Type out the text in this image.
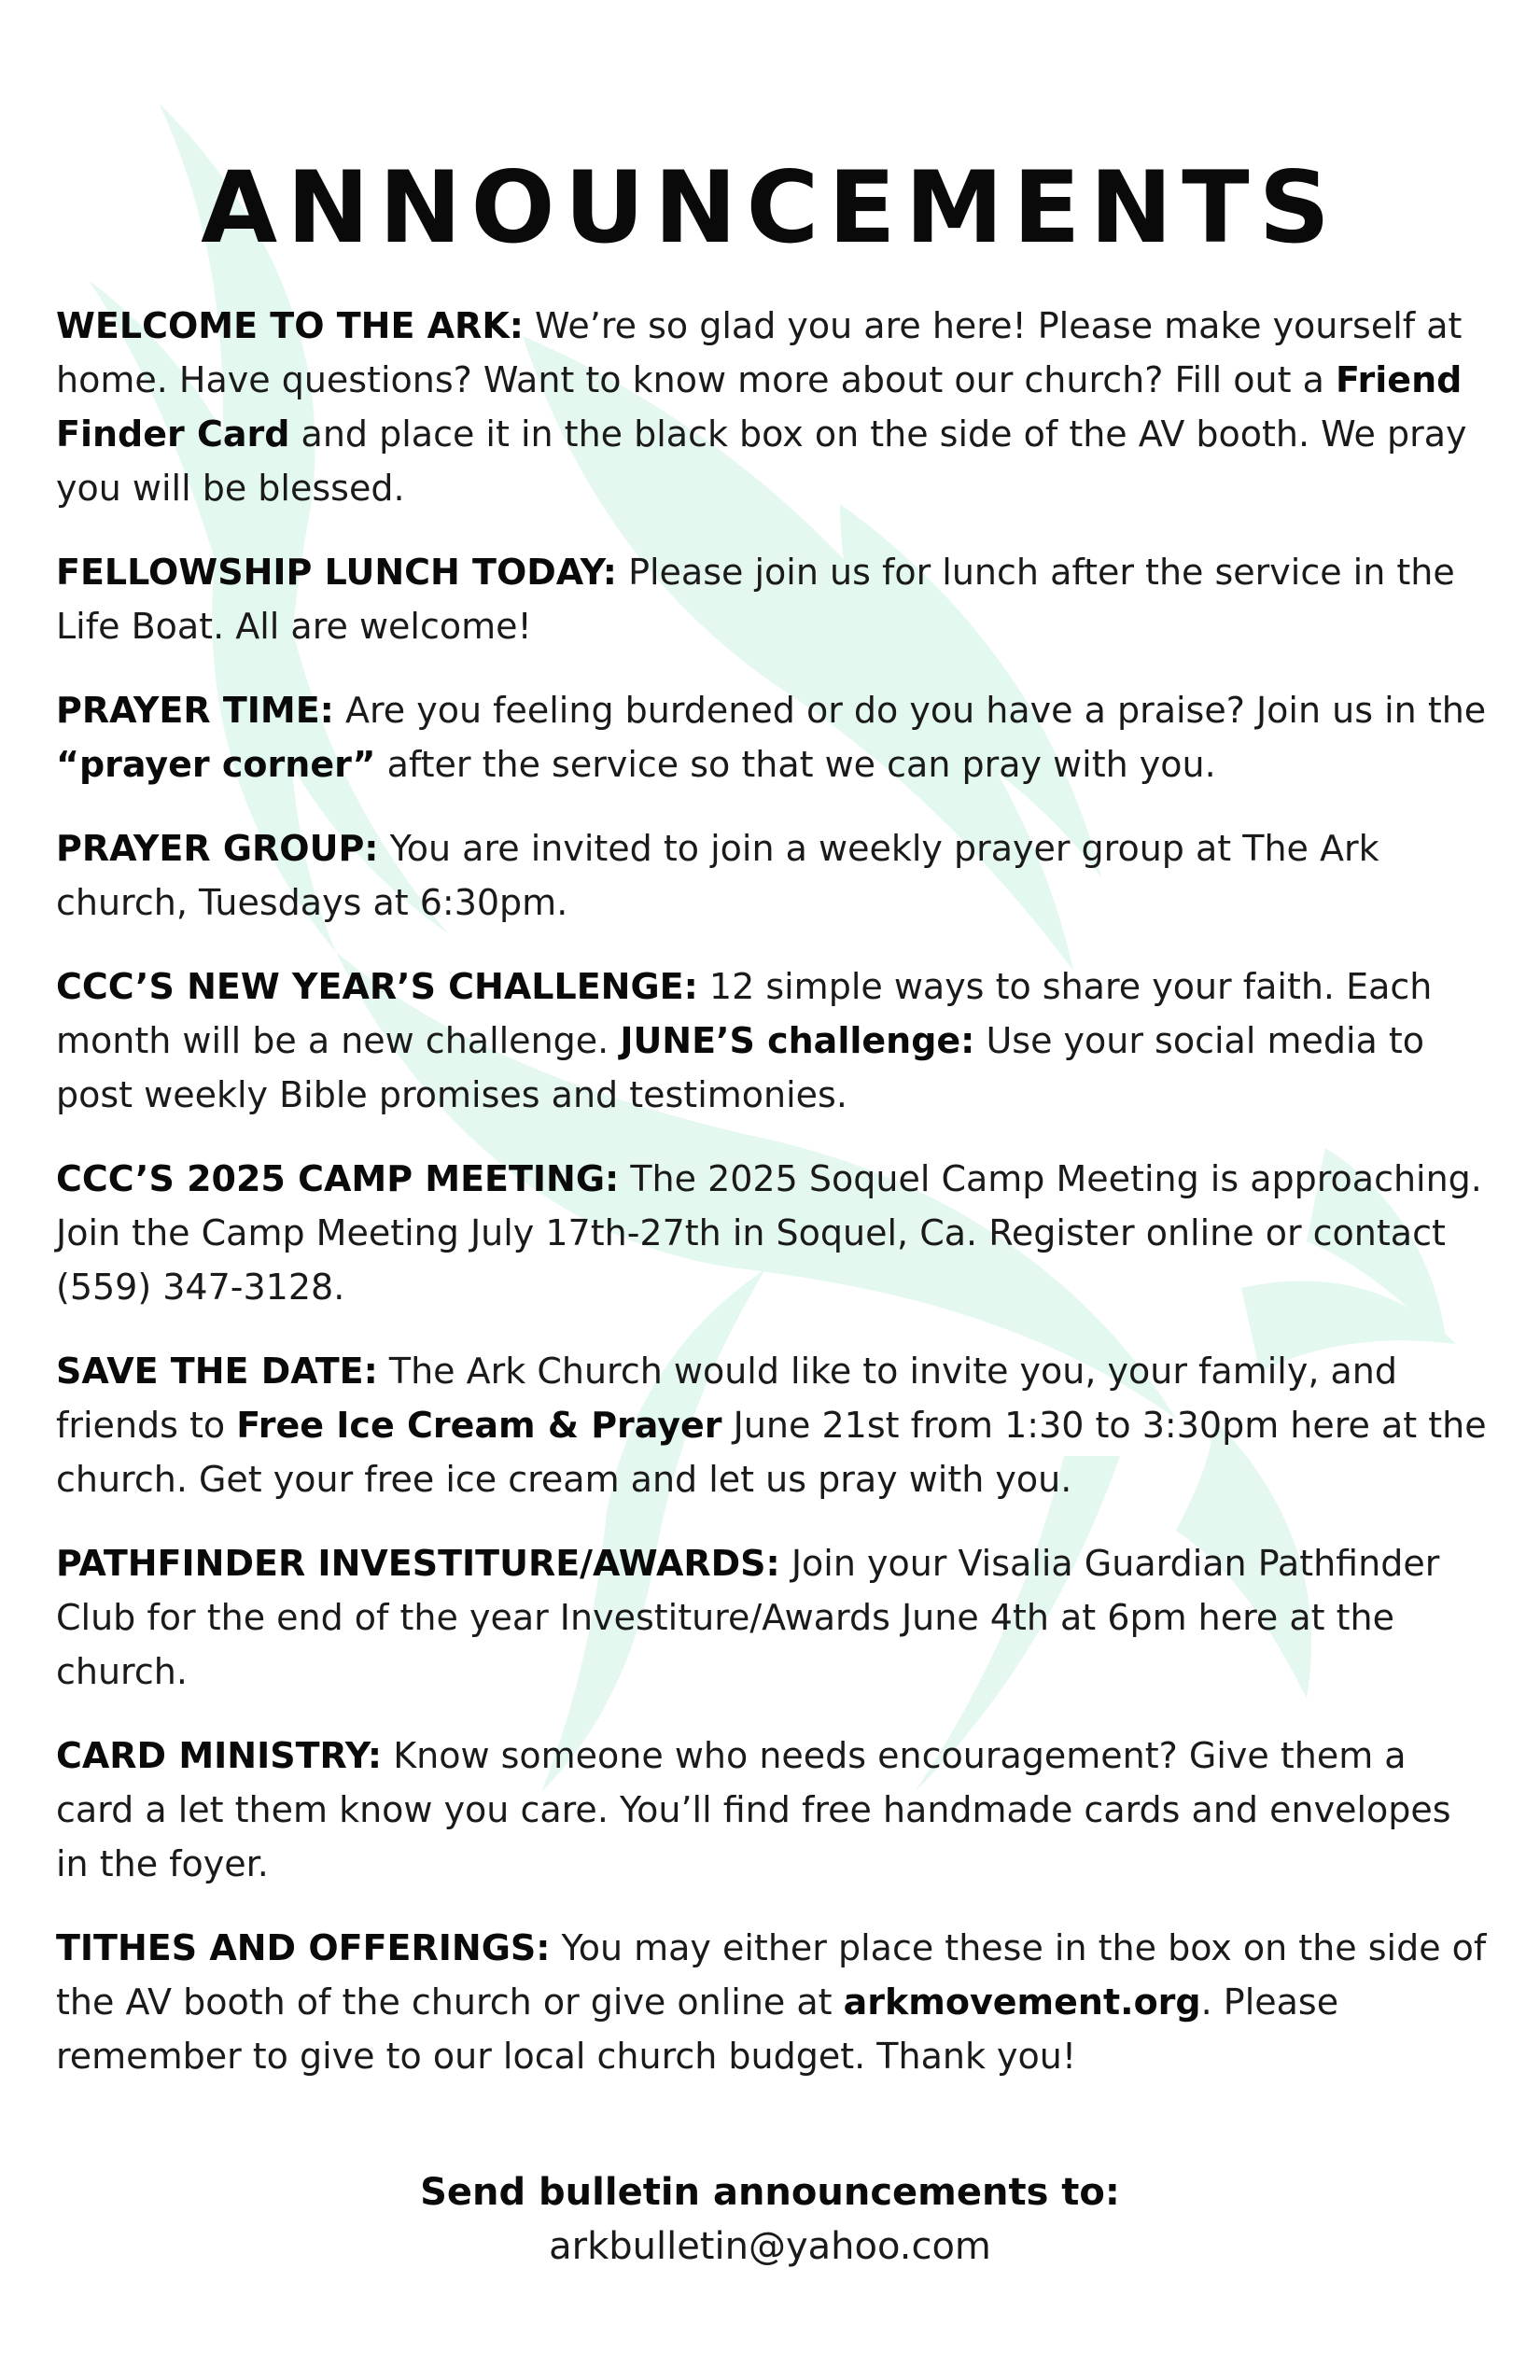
ANNOUNCEMENTS

WELCOME TO THE ARK: We’re so glad you are here! Please make yourself at home. Have questions? Want to know more about our church? Fill out a Friend Finder Card and place it in the black box on the side of the AV booth. We pray you will be blessed.

FELLOWSHIP LUNCH TODAY: Please join us for lunch after the service in the Life Boat. All are welcome!

PRAYER TIME: Are you feeling burdened or do you have a praise? Join us in the “prayer corner” after the service so that we can pray with you.

PRAYER GROUP: You are invited to join a weekly prayer group at The Ark church, Tuesdays at 6:30pm.

CCC’S NEW YEAR’S CHALLENGE: 12 simple ways to share your faith. Each month will be a new challenge. JUNE’S challenge: Use your social media to post weekly Bible promises and testimonies.

CCC’S 2025 CAMP MEETING: The 2025 Soquel Camp Meeting is approaching. Join the Camp Meeting July 17th-27th in Soquel, Ca. Register online or contact (559) 347-3128.

SAVE THE DATE: The Ark Church would like to invite you, your family, and friends to Free Ice Cream & Prayer June 21st from 1:30 to 3:30pm here at the church. Get your free ice cream and let us pray with you.

PATHFINDER INVESTITURE/AWARDS: Join your Visalia Guardian Pathfinder Club for the end of the year Investiture/Awards June 4th at 6pm here at the church.

CARD MINISTRY: Know someone who needs encouragement? Give them a card a let them know you care. You’ll find free handmade cards and envelopes in the foyer.

TITHES AND OFFERINGS: You may either place these in the box on the side of the AV booth of the church or give online at arkmovement.org. Please remember to give to our local church budget. Thank you!

Send bulletin announcements to:
arkbulletin@yahoo.com
